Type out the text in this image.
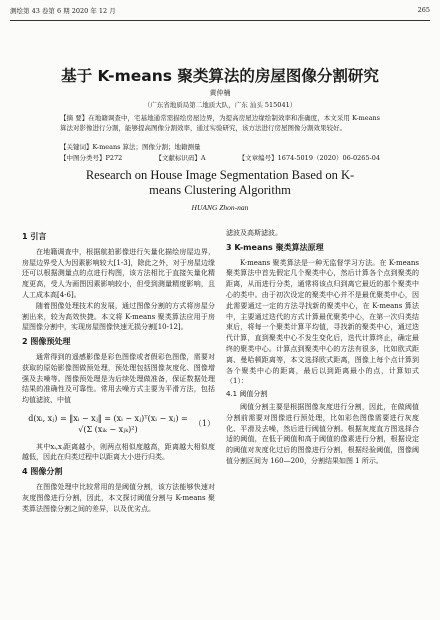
测绘第 43 卷第 6 期 2020 年 12 月	265
基于 K-means 聚类算法的房屋图像分割研究
黄仲楠
（广东省地质局第二地质大队，广东 汕头 515041）
【摘 要】在地籍调查中，宅基地通常需描绘房屋边界，为提高房屋边缘绘制效率和准确度，本文采用 K-means 算法对影像进行分割，能够提高图像分割效率，通过实验研究，该方法进行房屋图像分割效果较好。
【关键词】K-means 算法；图像分割；地籍测量
【中图分类号】P272	【文献标识码】A	【文章编号】1674-5019（2020）06-0265-04
Research on House Image Segmentation Based on K-means Clustering Algorithm
HUANG Zhon-nan
1 引言

在地籍调查中，根据航拍影像进行矢量化描绘房屋边界，房屋边界受人为因素影响较大[1-3]，除此之外，对于房屋边缘还可以根据测量点的点进行构图，该方法相比于直接矢量化精度更高，受人为画图因素影响较小，但受到测量精度影响，且人工成本高[4-6]。

随着图像处理技术的发展，通过图像分割的方式将房屋分割出来，较为高效快捷。本文将 K-means 聚类算法应用于房屋图像分割中，实现房屋图像快速无损分割[10-12]。

2 图像预处理

通常得到的遥感影像是彩色图像或者假彩色图像，需要对获取的原始影像图做预处理，预处理包括图像灰度化、图像增强及去噪等。图像预处理是为后续处理做准备，保证数据处理结果的准确性及可靠性。常用去噪方式主要为平滑方法，包括均值滤波、中值

d(xᵢ, xⱼ) = ‖xᵢ − xⱼ‖ = (xᵢ − xⱼ)ᵀ(xᵢ − xⱼ) = √(Σ (xᵢₖ − xⱼₖ)²)
（1）

其中xᵢ,xⱼ距离越小，则两点相似度越高，距离越大相似度越低，因此在归类过程中以距离大小进行归类。

4 图像分割

在图像处理中比较常用的是阈值分割，该方法能够快速对灰度图像进行分割，因此，本文探讨阈值分割与 K-means 聚类算法图像分割之间的差异，以及优劣点。

滤波及高斯滤波。

3 K-means 聚类算法原理

K-means 聚类算法是一种无监督学习方法。在 K-means 聚类算法中首先假定几个聚类中心，然后计算各个点到聚类的距离，从而进行分类，通常将该点归到离它最近的那个聚类中心的类中。由于初次设定的聚类中心并不是最优聚类中心，因此需要通过一定的方法寻找新的聚类中心，在 K-means 算法中，主要通过迭代的方式计算最优聚类中心，在第一次归类结束后，将每一个聚类计算平均值，寻找新的聚类中心，通过迭代计算，直到聚类中心不发生变化后，迭代计算终止，确定最终的聚类中心。计算点到聚类中心的方法有很多，比如欧式距离、曼哈顿距离等，本文选择欧式距离，图像上每个点计算到各个聚类中心的距离，最后以到距离最小的点，计算如式（1）：

4.1 阈值分割

阈值分割主要是根据图像灰度进行分割，因此，在做阈值分割前需要对图像进行预处理，比如彩色图像需要进行灰度化、平滑及去噪，然后进行阈值分割。根据灰度直方图选择合适的阈值，在低于阈值和高于阈值的像素进行分割，根据设定的阈值对灰度化过后的图像进行分割，根据经验阈值，图像阈值分割区间为 160—200，分割结果如图 1 所示。
